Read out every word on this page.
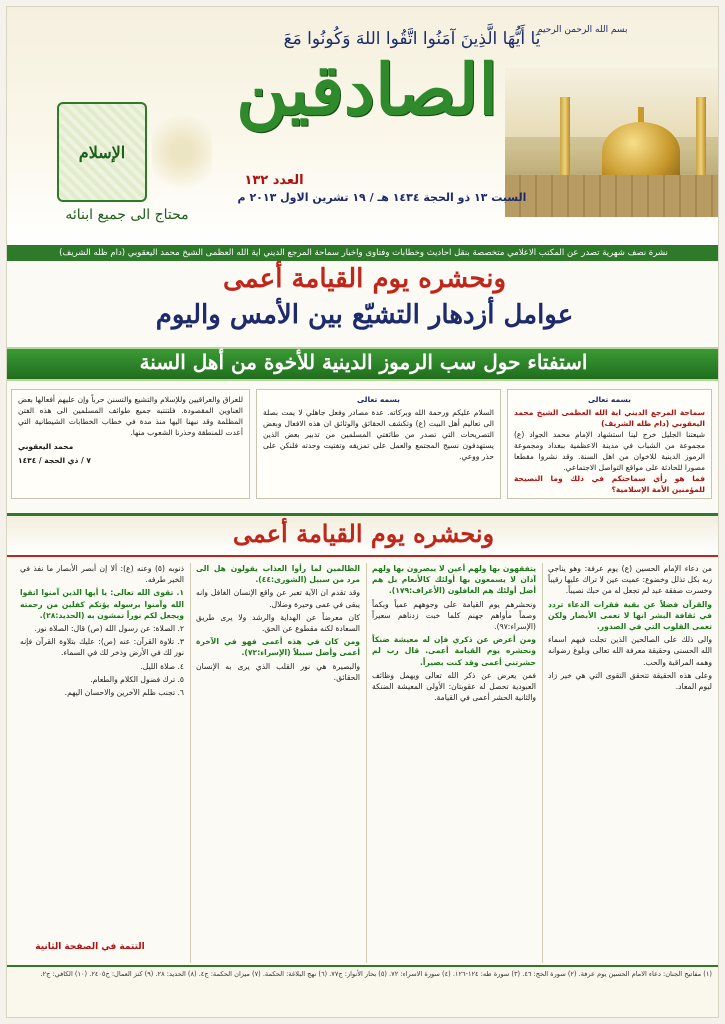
بسم الله الرحمن الرحيم
يَا أَيُّهَا الَّذِينَ آمَنُوا اتَّقُوا اللهَ وَكُونُوا مَعَ
الصادقين
العدد ١٣٢
السبت ١٣ ذو الحجة ١٤٣٤ هـ / ١٩ تشرين الاول ٢٠١٣ م
الإسلام
محتاج الى جميع ابنائه
نشرة نصف شهرية تصدر عن المكتب الاعلامي متخصصة بنقل احاديث وخطابات وفتاوى واخبار سماحة المرجع الديني اية الله العظمى الشيخ محمد اليعقوبي (دام ظله الشريف)
ونحشره يوم القيامة أعمى
عوامل أزدهار التشيّع بين الأمس واليوم
استفتاء حول سب الرموز الدينية للأخوة من أهل السنة
بسمه تعالى
سماحة المرجع الديني اية الله العظمى الشيخ محمد اليعقوبي (دام ظله الشريف)
شيعتنا الجليل خرج لينا استشهاد الإمام محمد الجواد (ع) مجموعة من الشباب في مدينة الاعظمية ببغداد ومجموعة الرموز الدينية للاخوان من اهل السنة. وقد نشروا مقطعا مصورا للحادثة على مواقع التواصل الاجتماعي.
فما هو رأي سماحتكم في ذلك وما النصيحة للمؤمنين الأمة الإسلامية؟
بسمه تعالى
السلام عليكم ورحمة الله وبركاته. عدة مصادر وفعل جاهلي لا يمت بصلة الى تعاليم أهل البيت (ع) وتكشف الحقائق والوثائق ان هذه الافعال وبعض التصريحات التي تصدر من طائفتي المسلمين من تدبير بعض الذين يستهدفون نسيج المجتمع والعمل على تمزيقه وتفتيت وحدته فلنكن على حذر ووعي.
للعراق والعراقيين وللإسلام والتشيع والتسنن حرباً وإن عليهم أفعالها بعض العناوين المقصودة. فلتنتبه جميع طوائف المسلمين الى هذه الفتن المظلمة وقد نبهنا اليها منذ مدة في خطاب الخطابات الشيطانية التي أعدت للمنطقة وحذرنا الشعوب منها.
محمد اليعقوبي
٧ / ذي الحجة / ١٤٣٤
ونحشره يوم القيامة أعمى

من دعاء الإمام الحسين (ع) يوم عرفة: وهو يناجي ربه بكل تذلل وخضوع: عميت عين لا تراك عليها رقيباً وخسرت صفقة عبد لم تجعل له من حبك نصيباً.

والقرآن فضلاً عن بقية فقرات الدعاء تردد في ثقافة البشر انها لا تعمى الأبصار ولكن تعمى القلوب التي في الصدور.

والى ذلك على الصالحين الذين تجلت فيهم اسماء الله الحسنى وحقيقة معرفة الله تعالى وبلوغ رضوانه وهمه المراقبة والحب.

وعلى هذه الحقيقة تتحقق التقوى التي هي خير زاد ليوم المعاد.

يتفقهون بها ولهم أعين لا يبصرون بها ولهم آذان لا يسمعون بها أولئك كالأنعام بل هم أضل أولئك هم الغافلون (الأعراف:١٧٩).

ونحشرهم يوم القيامة على وجوههم عمياً وبكماً وصماً مأواهم جهنم كلما خبت زدناهم سعيراً (الإسراء:٩٧).

ومن أعرض عن ذكري فإن له معيشة ضنكاً ونحشره يوم القيامة أعمى. قال رب لم حشرتني أعمى وقد كنت بصيراً.

فمن يعرض عن ذكر الله تعالى ويهمل وظائف العبودية تحصل له عقوبتان: الأولى المعيشة الضنكة والثانية الحشر أعمى في القيامة.

الظالمين لما رأوا العذاب يقولون هل الى مرد من سبيل (الشورى:٤٤).

وقد تقدم ان الآية تعبر عن واقع الإنسان الغافل وانه يبقى في عمى وحيرة وضلال.

كان معرضاً عن الهداية والرشد ولا يرى طريق السعادة لكنه مقطوع عن الحق.

ومن كان في هذه أعمى فهو في الآخرة أعمى وأضل سبيلاً (الإسراء:٧٢).

والبصيرة هي نور القلب الذي يرى به الإنسان الحقائق.

ذنوبه (٥) وعنه (ع): ألا إن أبصر الأبصار ما نفذ في الخير طرفه.

١. تقوى الله تعالى: يا أيها الذين آمنوا اتقوا الله وآمنوا برسوله يؤتكم كفلين من رحمته ويجعل لكم نوراً تمشون به (الحديد:٢٨).

٢. الصلاة: عن رسول الله (ص) قال: الصلاة نور.

٣. تلاوة القرآن: عنه (ص): عليك بتلاوة القرآن فإنه نور لك في الأرض وذخر لك في السماء.

٤. صلاة الليل.

٥. ترك فضول الكلام والطعام.

٦. تجنب ظلم الآخرين والاحسان اليهم.

التتمة في الصفحة الثانية
(١) مفاتيح الجنان: دعاء الامام الحسين يوم عرفة. (٢) سورة الحج: ٤٦. (٣) سورة طه: ١٢٤-١٢٦. (٤) سورة الاسراء: ٧٢. (٥) بحار الأنوار: ج٧٧. (٦) نهج البلاغة: الحكمة. (٧) ميزان الحكمة: ج٤. (٨) الحديد: ٢٨. (٩) كنز العمال: ح٢٤٠٥. (١٠) الكافي: ج٢.
